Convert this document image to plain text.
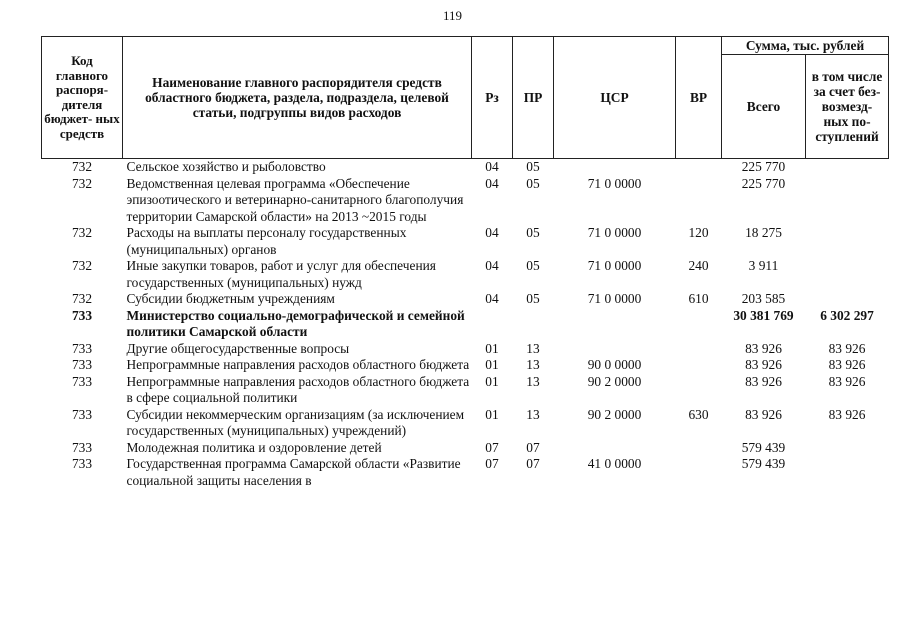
119
Код главного распоря- дителя бюджет- ных средств	Наименование главного распорядителя средств областного бюджета, раздела, подраздела, целевой статьи, подгруппы видов расходов	Рз	ПР	ЦСР	ВР	Сумма, тыс. рублей	
						Всего	в том числе за счет без- возмезд- ных по- ступлений
732	Сельское хозяйство и рыболовство	04	05			225 770	
732	Ведомственная целевая программа «Обеспечение эпизоотического и ветеринарно-санитарного благополучия территории Самарской области» на 2013 ~2015 годы	04	05	71 0 0000		225 770	
732	Расходы на выплаты персоналу государственных (муниципальных) органов	04	05	71 0 0000	120	18 275	
732	Иные закупки товаров, работ и услуг для обеспечения государственных (муниципальных) нужд	04	05	71 0 0000	240	3 911	
732	Субсидии бюджетным учреждениям	04	05	71 0 0000	610	203 585	
733	Министерство социально-демографической и семейной политики Самарской области					30 381 769	6 302 297
733	Другие общегосударственные вопросы	01	13			83 926	83 926
733	Непрограммные направления расходов областного бюджета	01	13	90 0 0000		83 926	83 926
733	Непрограммные направления расходов областного бюджета в сфере социальной политики	01	13	90 2 0000		83 926	83 926
733	Субсидии некоммерческим организациям (за исключением государственных (муниципальных) учреждений)	01	13	90 2 0000	630	83 926	83 926
733	Молодежная политика и оздоровление детей	07	07			579 439	
733	Государственная программа Самарской области «Развитие социальной защиты населения в	07	07	41 0 0000		579 439	
